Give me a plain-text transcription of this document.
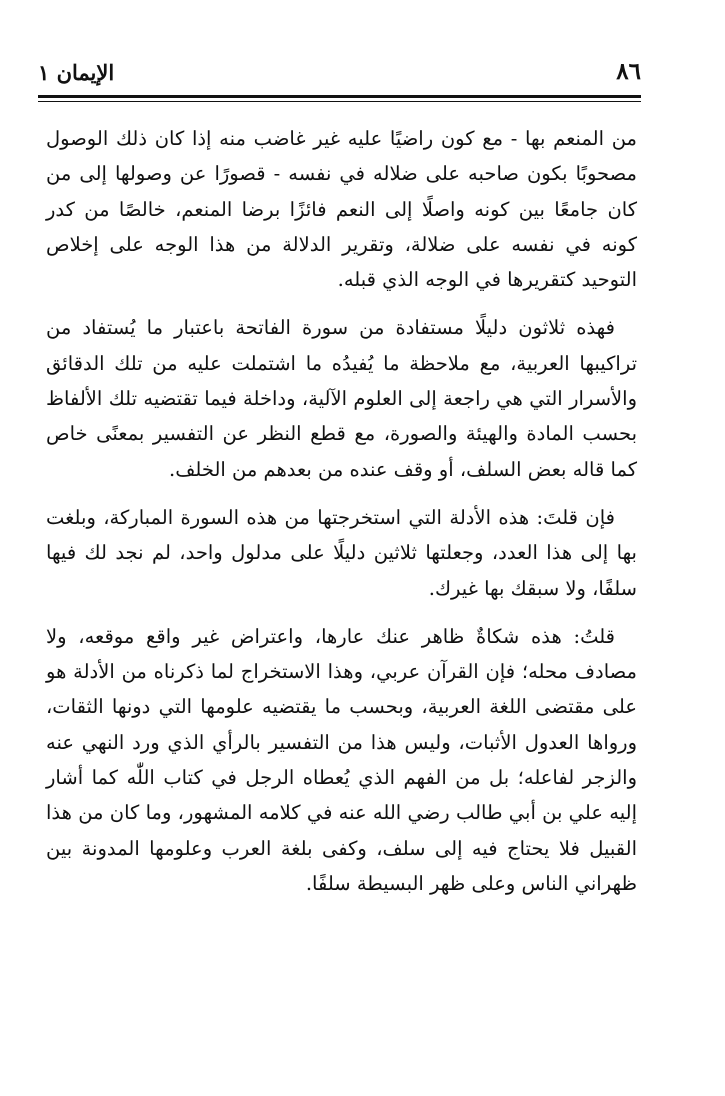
الإيمان ١	٨٦

من المنعم بها - مع كون راضيًا عليه غير غاضب منه إذا كان ذلك الوصول مصحوبًا بكون صاحبه على ضلاله في نفسه - قصورًا عن وصولها إلى من كان جامعًا بين كونه واصلًا إلى النعم فائزًا برضا المنعم، خالصًا من كدر كونه في نفسه على ضلالة، وتقرير الدلالة من هذا الوجه على إخلاص التوحيد كتقريرها في الوجه الذي قبله.

فهذه ثلاثون دليلًا مستفادة من سورة الفاتحة باعتبار ما يُستفاد من تراكيبها العربية، مع ملاحظة ما يُفيدُه ما اشتملت عليه من تلك الدقائق والأسرار التي هي راجعة إلى العلوم الآلية، وداخلة فيما تقتضيه تلك الألفاظ بحسب المادة والهيئة والصورة، مع قطع النظر عن التفسير بمعنًى خاص كما قاله بعض السلف، أو وقف عنده من بعدهم من الخلف.

فإن قلتَ: هذه الأدلة التي استخرجتها من هذه السورة المباركة، وبلغت بها إلى هذا العدد، وجعلتها ثلاثين دليلًا على مدلول واحد، لم نجد لك فيها سلفًا، ولا سبقك بها غيرك.

قلتُ: هذه شكاةٌ ظاهر عنك عارها، واعتراض غير واقع موقعه، ولا مصادف محله؛ فإن القرآن عربي، وهذا الاستخراج لما ذكرناه من الأدلة هو على مقتضى اللغة العربية، وبحسب ما يقتضيه علومها التي دونها الثقات، ورواها العدول الأثبات، وليس هذا من التفسير بالرأي الذي ورد النهي عنه والزجر لفاعله؛ بل من الفهم الذي يُعطاه الرجل في كتاب اللّٰه كما أشار إليه علي بن أبي طالب رضي الله عنه في كلامه المشهور، وما كان من هذا القبيل فلا يحتاج فيه إلى سلف، وكفى بلغة العرب وعلومها المدونة بين ظهراني الناس وعلى ظهر البسيطة سلفًا.
